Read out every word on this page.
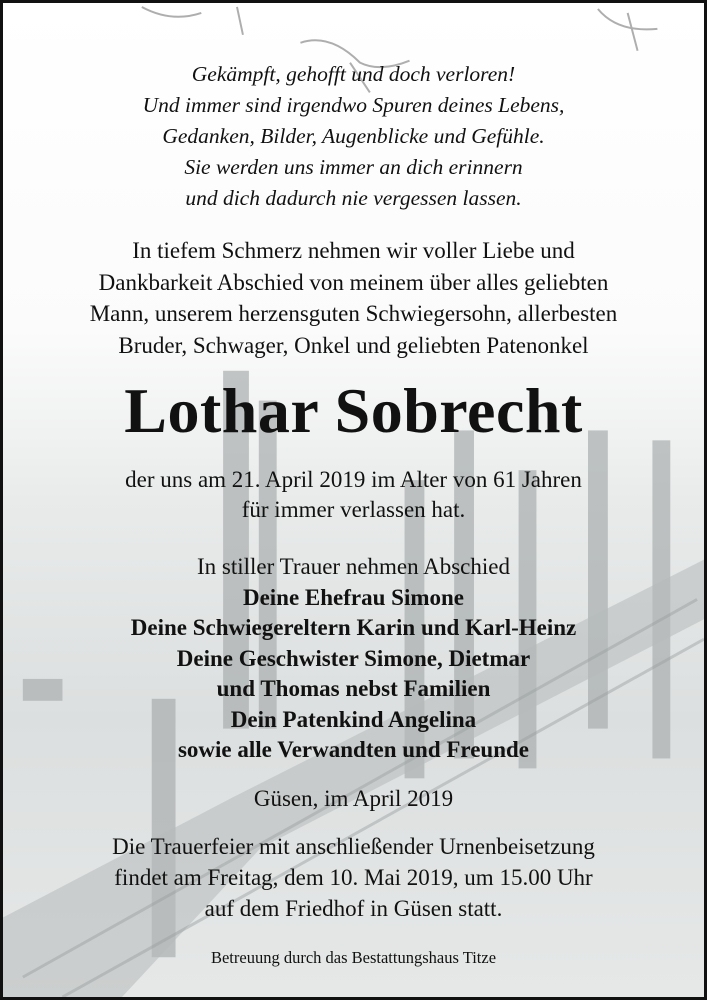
Gekämpft, gehofft und doch verloren!
Und immer sind irgendwo Spuren deines Lebens,
Gedanken, Bilder, Augenblicke und Gefühle.
Sie werden uns immer an dich erinnern
und dich dadurch nie vergessen lassen.
In tiefem Schmerz nehmen wir voller Liebe und
Dankbarkeit Abschied von meinem über alles geliebten
Mann, unserem herzensguten Schwiegersohn, allerbesten
Bruder, Schwager, Onkel und geliebten Patenonkel
Lothar Sobrecht
der uns am 21. April 2019 im Alter von 61 Jahren
für immer verlassen hat.
In stiller Trauer nehmen Abschied
Deine Ehefrau Simone
Deine Schwiegereltern Karin und Karl-Heinz
Deine Geschwister Simone, Dietmar
und Thomas nebst Familien
Dein Patenkind Angelina
sowie alle Verwandten und Freunde
Güsen, im April 2019
Die Trauerfeier mit anschließender Urnenbeisetzung
findet am Freitag, dem 10. Mai 2019, um 15.00 Uhr
auf dem Friedhof in Güsen statt.
Betreuung durch das Bestattungshaus Titze
